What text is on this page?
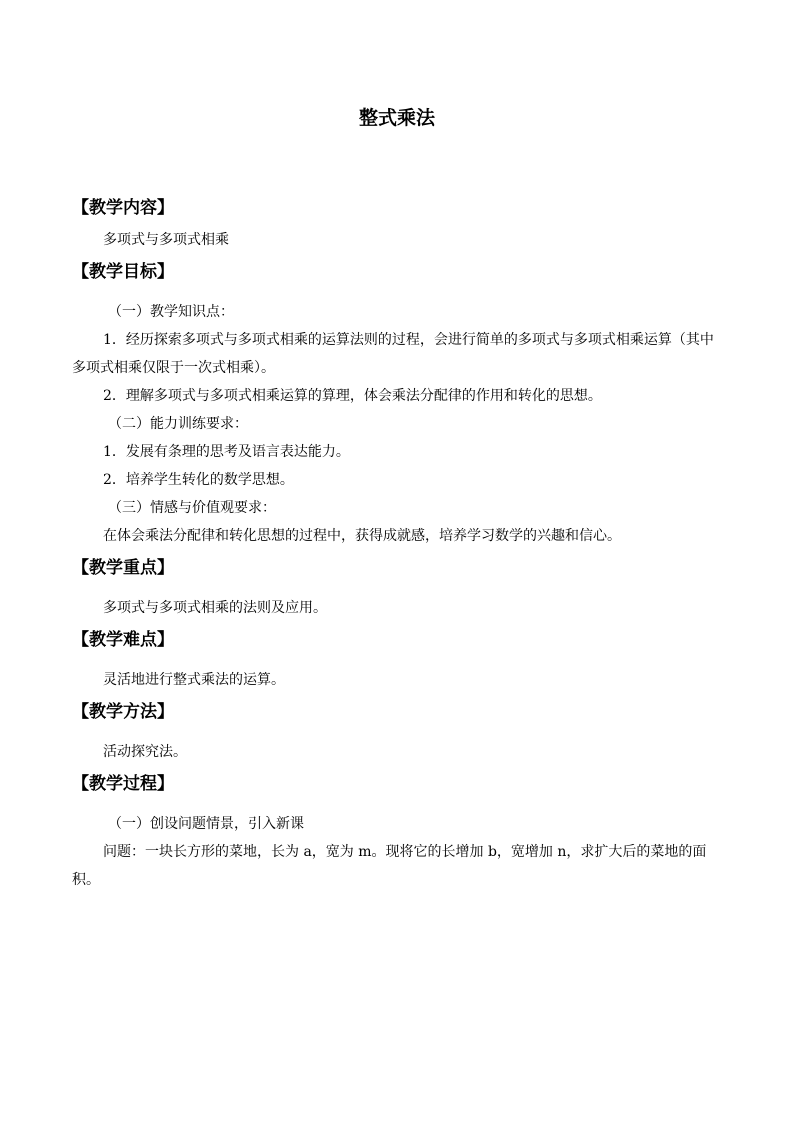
整式乘法
【教学内容】
多项式与多项式相乘
【教学目标】
（一）教学知识点：
1．经历探索多项式与多项式相乘的运算法则的过程，会进行简单的多项式与多项式相乘运算（其中多项式相乘仅限于一次式相乘）。
2．理解多项式与多项式相乘运算的算理，体会乘法分配律的作用和转化的思想。
（二）能力训练要求：
1．发展有条理的思考及语言表达能力。
2．培养学生转化的数学思想。
（三）情感与价值观要求：
在体会乘法分配律和转化思想的过程中，获得成就感，培养学习数学的兴趣和信心。
【教学重点】
多项式与多项式相乘的法则及应用。
【教学难点】
灵活地进行整式乘法的运算。
【教学方法】
活动探究法。
【教学过程】
（一）创设问题情景，引入新课
问题：一块长方形的菜地，长为 a，宽为 m。现将它的长增加 b，宽增加 n，求扩大后的菜地的面积。
